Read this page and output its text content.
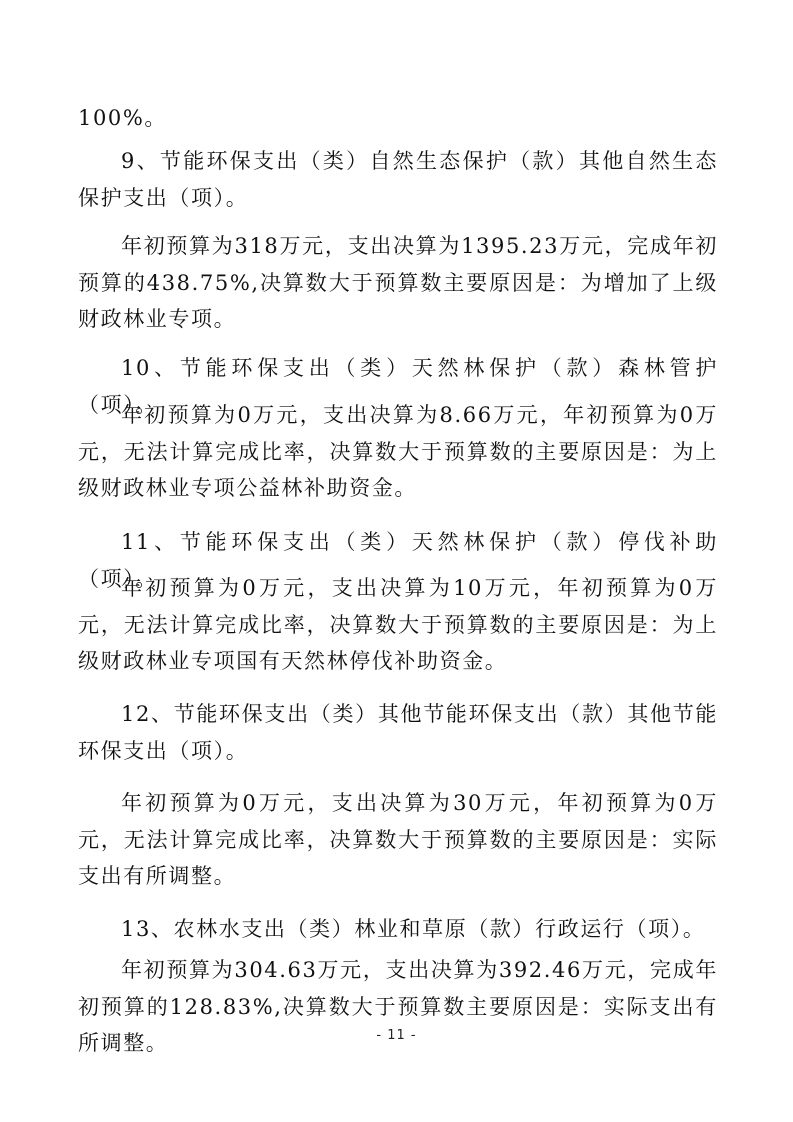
100%。

9、节能环保支出（类）自然生态保护（款）其他自然生态保护支出（项）。

年初预算为318万元，支出决算为1395.23万元，完成年初预算的438.75%,决算数大于预算数主要原因是：为增加了上级财政林业专项。

10、节能环保支出（类）天然林保护（款）森林管护（项）。

年初预算为0万元，支出决算为8.66万元，年初预算为0万元，无法计算完成比率，决算数大于预算数的主要原因是：为上级财政林业专项公益林补助资金。

11、节能环保支出（类）天然林保护（款）停伐补助（项）。

年初预算为0万元，支出决算为10万元，年初预算为0万元，无法计算完成比率，决算数大于预算数的主要原因是：为上级财政林业专项国有天然林停伐补助资金。

12、节能环保支出（类）其他节能环保支出（款）其他节能环保支出（项）。

年初预算为0万元，支出决算为30万元，年初预算为0万元，无法计算完成比率，决算数大于预算数的主要原因是：实际支出有所调整。

13、农林水支出（类）林业和草原（款）行政运行（项）。

年初预算为304.63万元，支出决算为392.46万元，完成年初预算的128.83%,决算数大于预算数主要原因是：实际支出有所调整。	- 11 -
